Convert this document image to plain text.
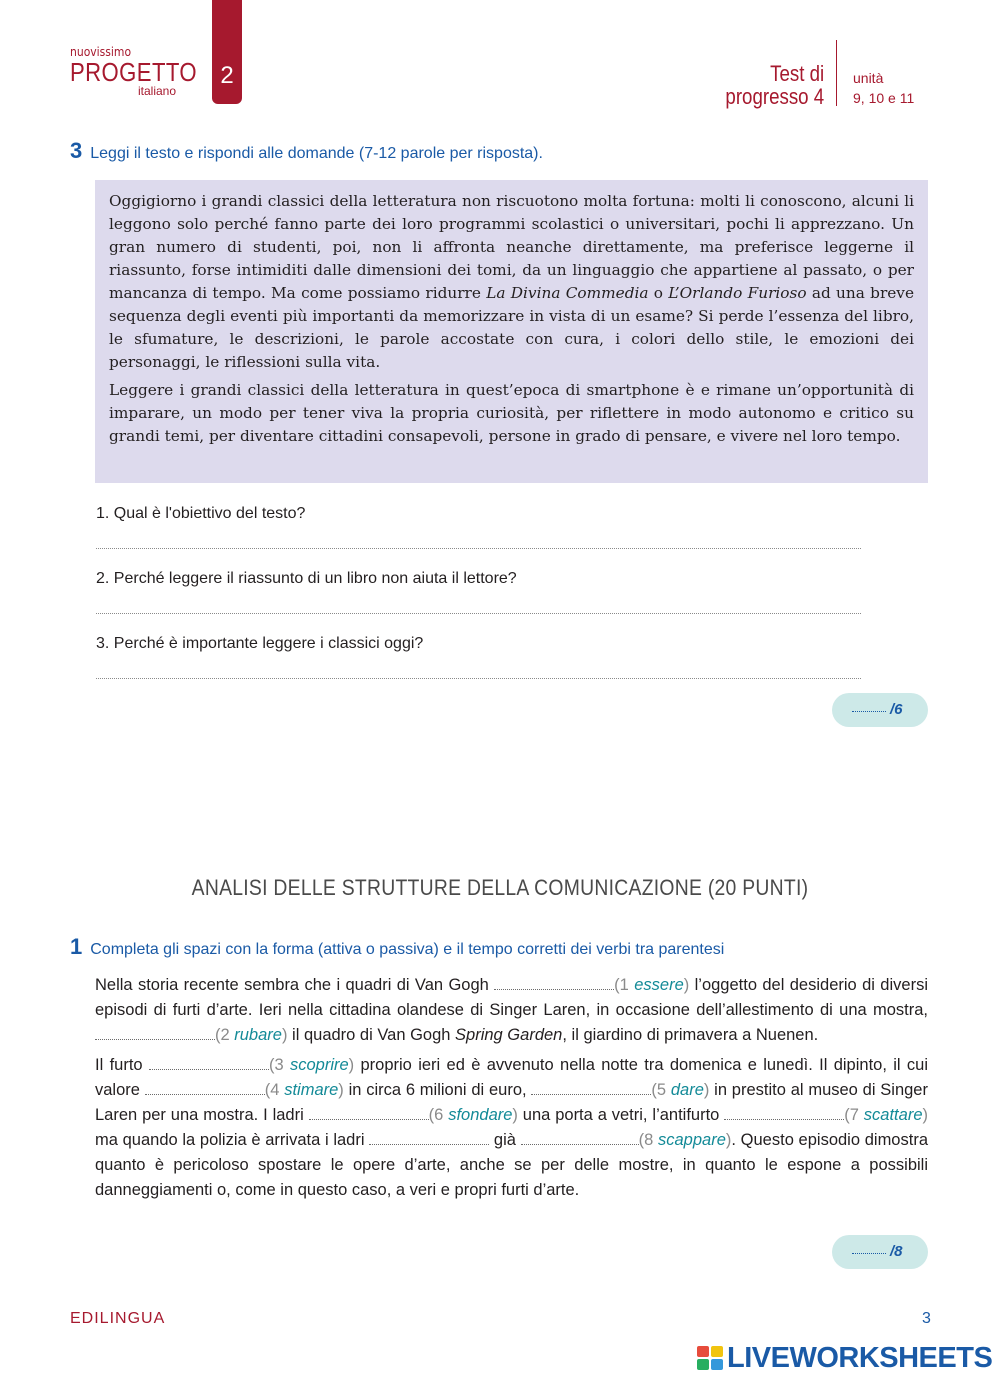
nuovissimo
PROGETTO
italiano
2	Test di
progresso 4
unità
9, 10 e 11
3 Leggi il testo e rispondi alle domande (7-12 parole per risposta).

Oggigiorno i grandi classici della letteratura non riscuotono molta fortuna: molti li conoscono, alcuni li leggono solo perché fanno parte dei loro programmi scolastici o universitari, pochi li apprezzano. Un gran numero di studenti, poi, non li affronta neanche direttamente, ma preferisce leggerne il riassunto, forse intimiditi dalle dimensioni dei tomi, da un linguaggio che appartiene al passato, o per mancanza di tempo. Ma come possiamo ridurre La Divina Commedia o L’Orlando Furioso ad una breve sequenza degli eventi più importanti da memorizzare in vista di un esame? Si perde l’essenza del libro, le sfumature, le descrizioni, le parole accostate con cura, i colori dello stile, le emozioni dei personaggi, le riflessioni sulla vita.

Leggere i grandi classici della letteratura in quest’epoca di smartphone è e rimane un’opportunità di imparare, un modo per tener viva la propria curiosità, per riflettere in modo autonomo e critico su grandi temi, per diventare cittadini consapevoli, persone in grado di pensare, e vivere nel loro tempo.

1. Qual è l'obiettivo del testo?
2. Perché leggere il riassunto di un libro non aiuta il lettore?
3. Perché è importante leggere i classici oggi?
/6
ANALISI DELLE STRUTTURE DELLA COMUNICAZIONE (20 PUNTI)
1 Completa gli spazi con la forma (attiva o passiva) e il tempo corretti dei verbi tra parentesi

Nella storia recente sembra che i quadri di Van Gogh	(1 essere) l’oggetto del desiderio di diversi episodi di furti d’arte. Ieri nella cittadina olandese di Singer Laren, in occasione dell’allestimento di una mostra, (2 rubare) il quadro di Van Gogh Spring Garden, il giardino di primavera a Nuenen.

Il furto	(3 scoprire) proprio ieri ed è avvenuto nella notte tra domenica e lunedì. Il dipinto, il cui valore	(4 stimare) in circa 6 milioni di euro,	(5 dare) in prestito al museo di Singer Laren per una mostra. I ladri	(6 sfondare) una porta a vetri, l’antifurto	(7 scattare) ma quando la polizia è arrivata i ladri	già	(8 scappare). Questo episodio dimostra quanto è pericoloso spostare le opere d’arte, anche se per delle mostre, in quanto le espone a possibili danneggiamenti o, come in questo caso, a veri e propri furti d’arte.

/8
EDILINGUA	3
LIVEWORKSHEETS
